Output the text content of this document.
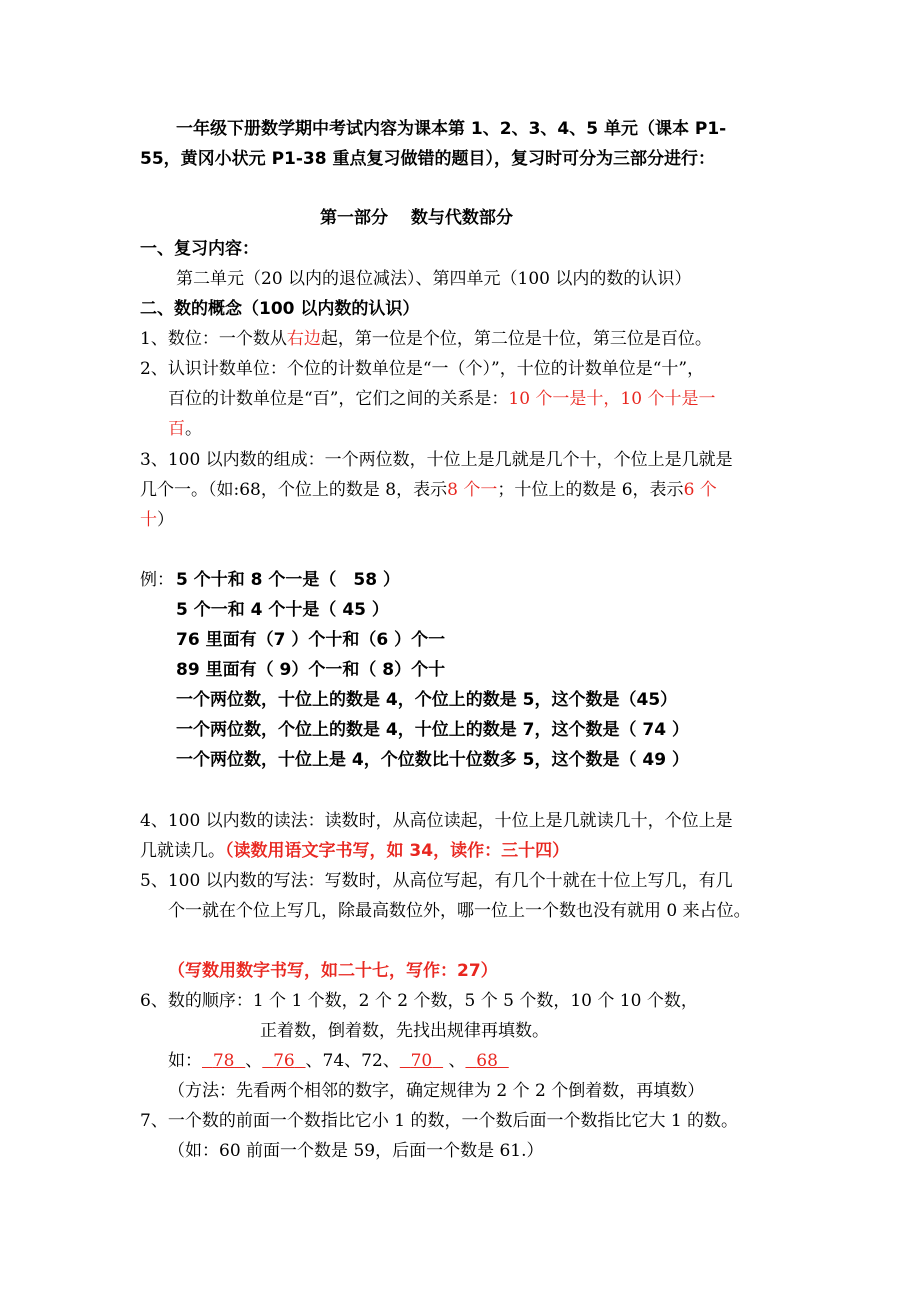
一年级下册数学期中考试内容为课本第 1、2、3、4、5 单元（课本 P1-
55，黄冈小状元 P1-38 重点复习做错的题目），复习时可分为三部分进行：
第一部分　 数与代数部分
一、复习内容：
第二单元（20 以内的退位减法）、第四单元（100 以内的数的认识）
二、数的概念（100 以内数的认识）
1、数位：一个数从右边起，第一位是个位，第二位是十位，第三位是百位。
2、认识计数单位：个位的计数单位是“一（个）”，十位的计数单位是“十”，
百位的计数单位是“百”，它们之间的关系是：10 个一是十，10 个十是一
百。
3、100 以内数的组成：一个两位数，十位上是几就是几个十，个位上是几就是
几个一。（如:68，个位上的数是 8，表示8 个一；十位上的数是 6，表示6 个
十）
例： 5 个十和 8 个一是（　58 ）
5 个一和 4 个十是（ 45 ）
76 里面有（7 ）个十和（6 ）个一
89 里面有（ 9）个一和（ 8）个十
一个两位数，十位上的数是 4，个位上的数是 5，这个数是（45）
一个两位数，个位上的数是 4，十位上的数是 7，这个数是（ 74 ）
一个两位数，十位上是 4，个位数比十位数多 5，这个数是（ 49 ）
4、100 以内数的读法：读数时，从高位读起，十位上是几就读几十，个位上是
几就读几。（读数用语文字书写，如 34，读作：三十四）
5、100 以内数的写法：写数时，从高位写起，有几个十就在十位上写几，有几
个一就在个位上写几，除最高数位外，哪一位上一个数也没有就用 0 来占位。
（写数用数字书写，如二十七，写作：27）
6、数的顺序：1 个 1 个数，2 个 2 个数，5 个 5 个数，10 个 10 个数，
正着数，倒着数，先找出规律再填数。
如： 78 、 76 、74、72、 70   、 68
（方法：先看两个相邻的数字，确定规律为 2 个 2 个倒着数，再填数）
7、一个数的前面一个数指比它小 1 的数，一个数后面一个数指比它大 1 的数。
（如：60 前面一个数是 59，后面一个数是 61.）
